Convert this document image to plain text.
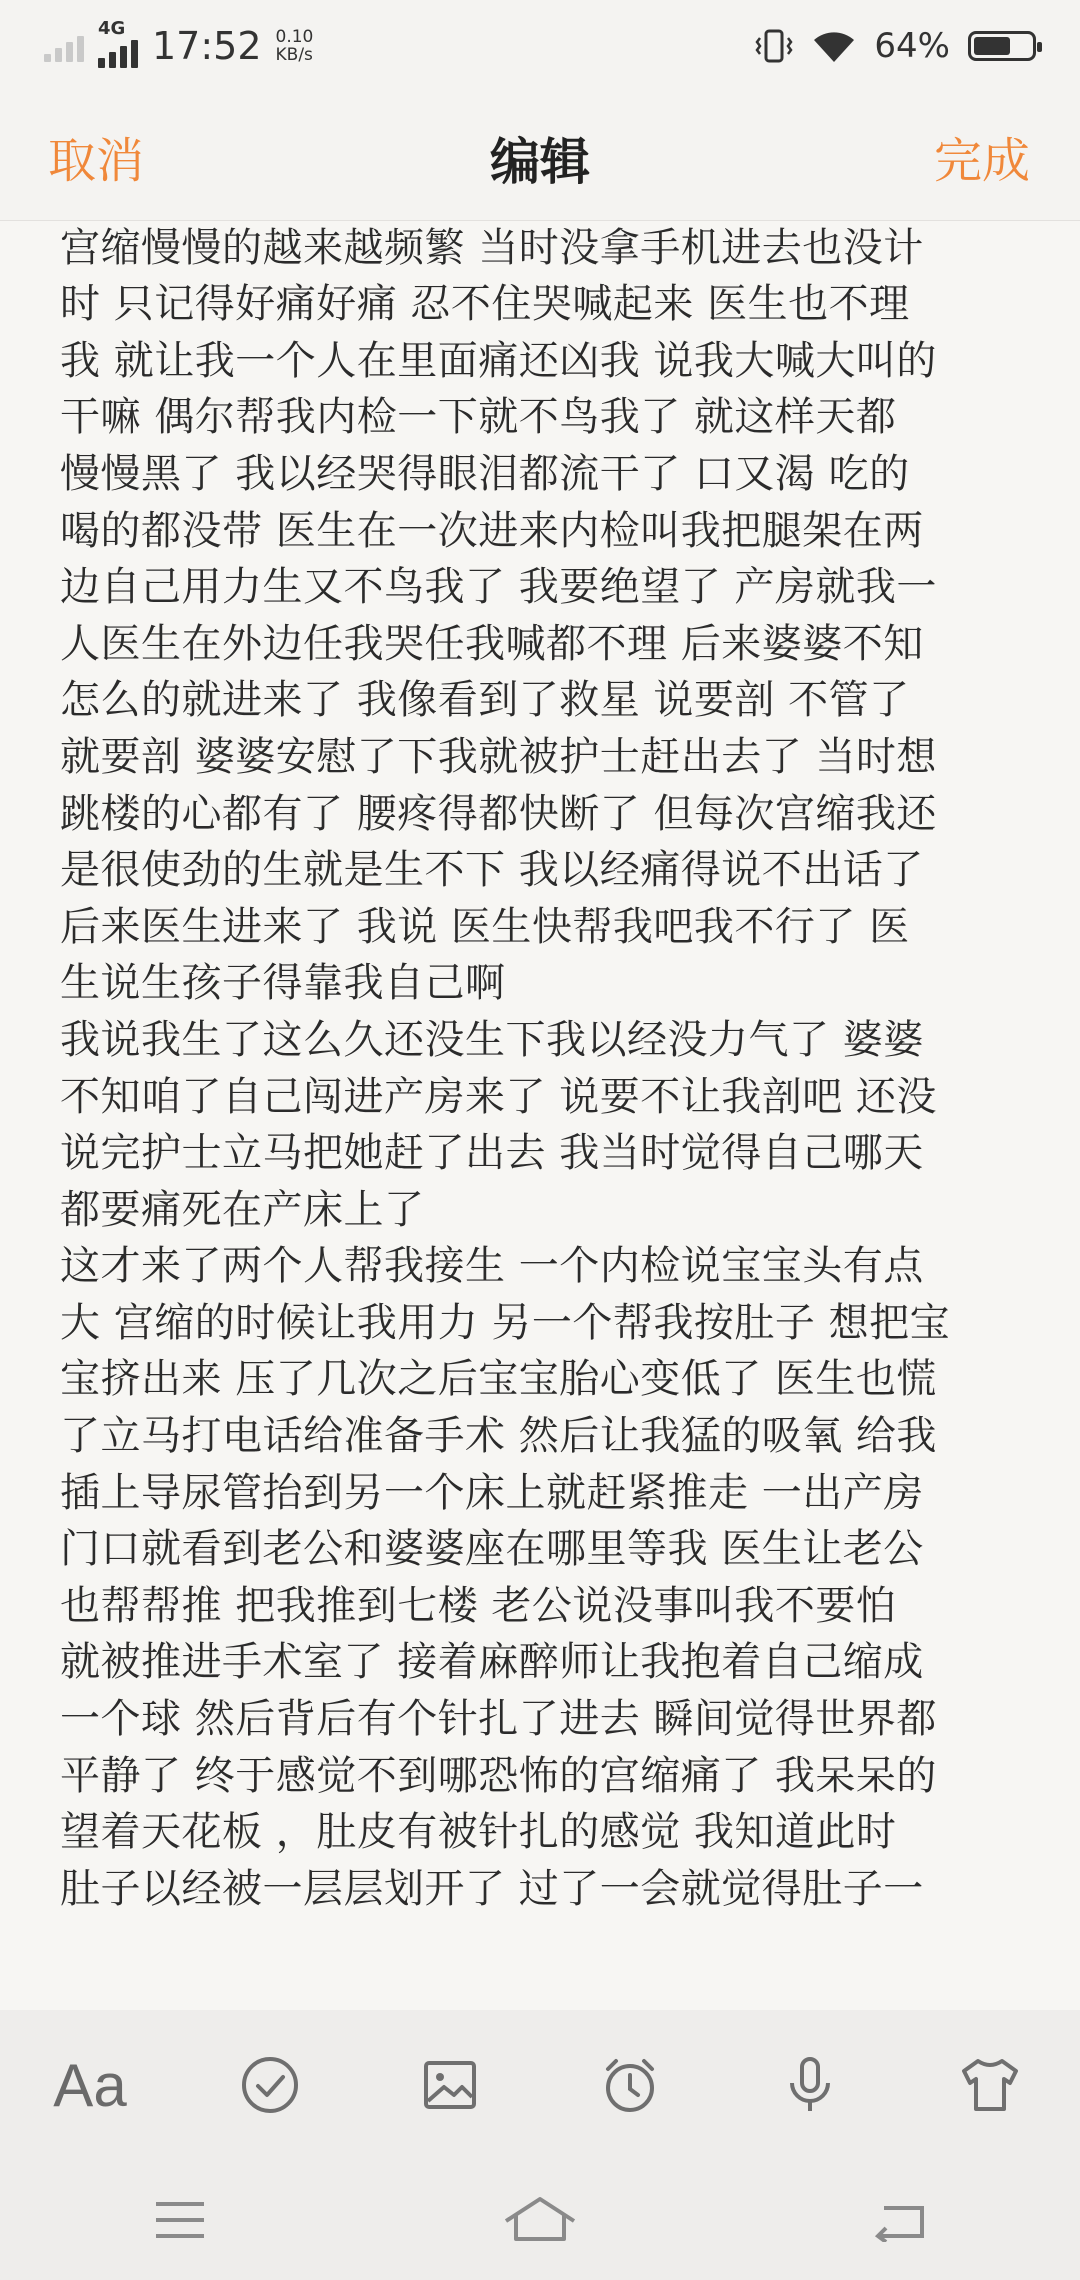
4G 17:52 0.10
KB/s	64%
取消	编辑	完成
宫缩慢慢的越来越频繁 当时没拿手机进去也没计
时 只记得好痛好痛 忍不住哭喊起来 医生也不理
我 就让我一个人在里面痛还凶我 说我大喊大叫的
干嘛 偶尔帮我内检一下就不鸟我了 就这样天都
慢慢黑了 我以经哭得眼泪都流干了 口又渴 吃的
喝的都没带 医生在一次进来内检叫我把腿架在两
边自己用力生又不鸟我了 我要绝望了 产房就我一
人医生在外边任我哭任我喊都不理 后来婆婆不知
怎么的就进来了 我像看到了救星 说要剖 不管了
就要剖 婆婆安慰了下我就被护士赶出去了 当时想
跳楼的心都有了 腰疼得都快断了 但每次宫缩我还
是很使劲的生就是生不下 我以经痛得说不出话了
后来医生进来了 我说 医生快帮我吧我不行了 医
生说生孩子得靠我自己啊
我说我生了这么久还没生下我以经没力气了 婆婆
不知咱了自己闯进产房来了 说要不让我剖吧 还没
说完护士立马把她赶了出去 我当时觉得自己哪天
都要痛死在产床上了
这才来了两个人帮我接生 一个内检说宝宝头有点
大 宫缩的时候让我用力 另一个帮我按肚子 想把宝
宝挤出来 压了几次之后宝宝胎心变低了 医生也慌
了立马打电话给准备手术 然后让我猛的吸氧 给我
插上导尿管抬到另一个床上就赶紧推走 一出产房
门口就看到老公和婆婆座在哪里等我 医生让老公
也帮帮推 把我推到七楼 老公说没事叫我不要怕
就被推进手术室了 接着麻醉师让我抱着自己缩成
一个球 然后背后有个针扎了进去 瞬间觉得世界都
平静了 终于感觉不到哪恐怖的宫缩痛了 我呆呆的
望着天花板 ，肚皮有被针扎的感觉 我知道此时
肚子以经被一层层划开了 过了一会就觉得肚子一
Aa
